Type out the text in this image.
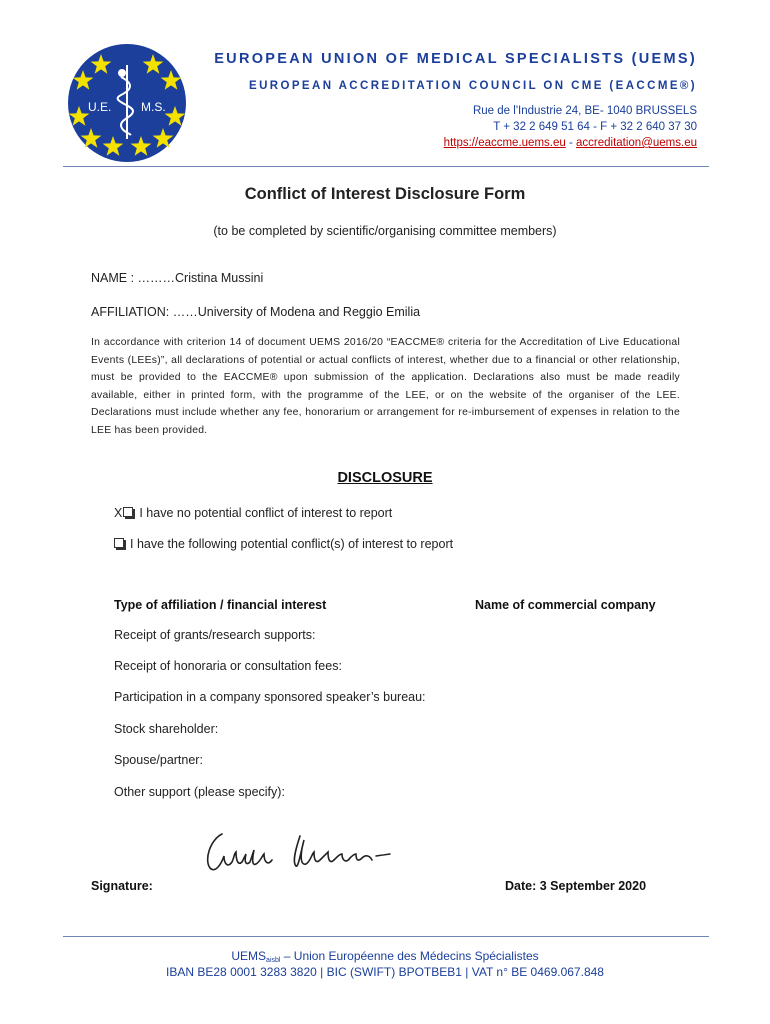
U.E. M.S.
EUROPEAN UNION OF MEDICAL SPECIALISTS (UEMS)
EUROPEAN ACCREDITATION COUNCIL ON CME (EACCME®)
Rue de l'Industrie 24, BE- 1040 BRUSSELS
T + 32 2 649 51 64 - F + 32 2 640 37 30
https://eaccme.uems.eu - accreditation@uems.eu
Conflict of Interest Disclosure Form
(to be completed by scientific/organising committee members)
NAME : ………Cristina Mussini
AFFILIATION: ……University of Modena and Reggio Emilia
In accordance with criterion 14 of document UEMS 2016/20 “EACCME® criteria for the Accreditation of Live Educational Events (LEEs)”, all declarations of potential or actual conflicts of interest, whether due to a financial or other relationship, must be provided to the EACCME® upon submission of the application. Declarations also must be made readily available, either in printed form, with the programme of the LEE, or on the website of the organiser of the LEE. Declarations must include whether any fee, honorarium or arrangement for re-imbursement of expenses in relation to the LEE has been provided.
DISCLOSURE
X I have no potential conflict of interest to report
I have the following potential conflict(s) of interest to report
Type of affiliation / financial interest	Name of commercial company
Receipt of grants/research supports:
Receipt of honoraria or consultation fees:
Participation in a company sponsored speaker’s bureau:
Stock shareholder:
Spouse/partner:
Other support (please specify):
Signature:	Date: 3 September 2020
$UEMS_{aisbl}$ – Union Européenne des Médecins Spécialistes
IBAN BE28 0001 3283 3820 | BIC (SWIFT) BPOTBEB1 | VAT n° BE 0469.067.848
